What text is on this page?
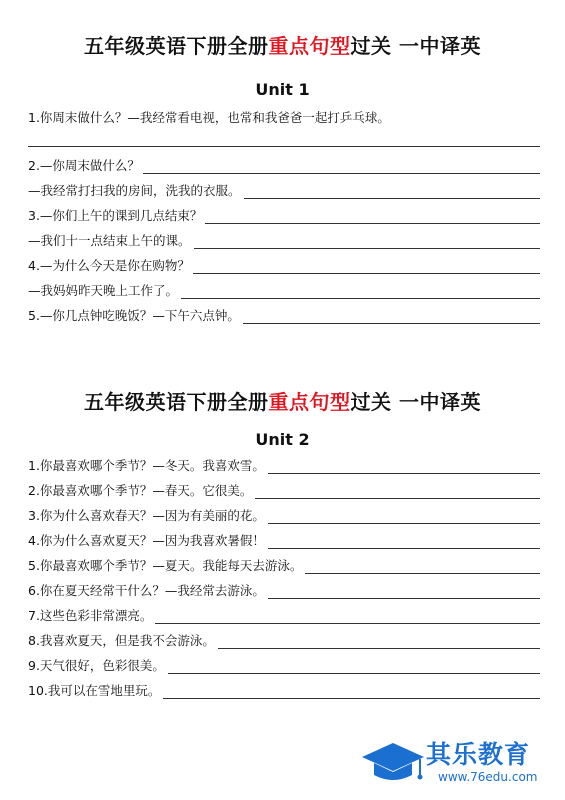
五年级英语下册全册重点句型过关 一中译英
Unit 1
1.你周末做什么？—我经常看电视，也常和我爸爸一起打乒乓球。
2.—你周末做什么？
—我经常打扫我的房间，洗我的衣服。
3.—你们上午的课到几点结束？
—我们十一点结束上午的课。
4.—为什么今天是你在购物？
—我妈妈昨天晚上工作了。
5.—你几点钟吃晚饭？—下午六点钟。
五年级英语下册全册重点句型过关 一中译英
Unit 2
1.你最喜欢哪个季节？—冬天。我喜欢雪。
2.你最喜欢哪个季节？—春天。它很美。
3.你为什么喜欢春天？—因为有美丽的花。
4.你为什么喜欢夏天？—因为我喜欢暑假！
5.你最喜欢哪个季节？—夏天。我能每天去游泳。
6.你在夏天经常干什么？—我经常去游泳。
7.这些色彩非常漂亮。
8.我喜欢夏天，但是我不会游泳。
9.天气很好，色彩很美。
10.我可以在雪地里玩。
其乐教育
www.76edu.com
